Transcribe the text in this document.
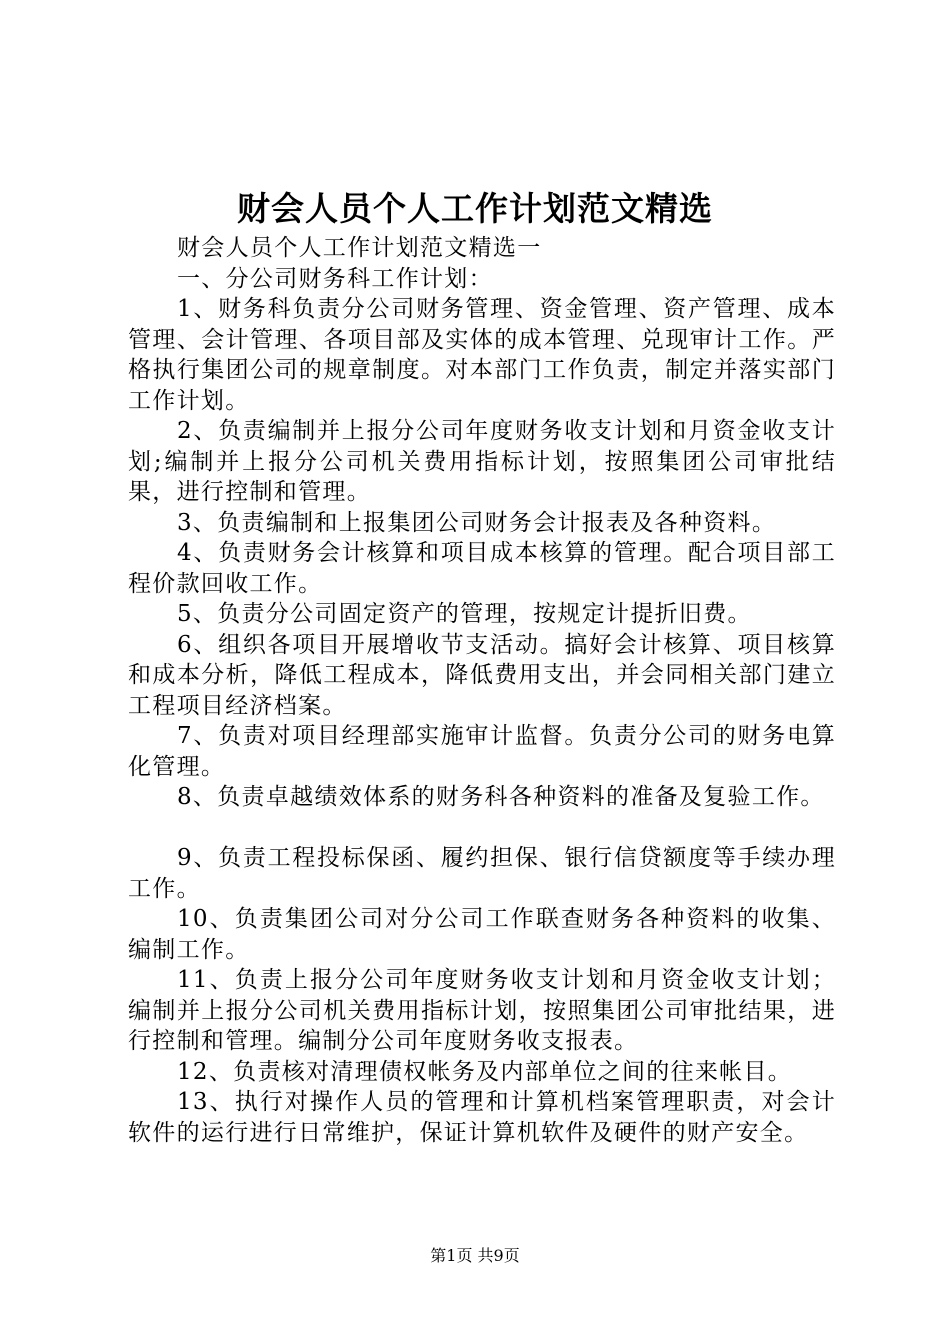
财会人员个人工作计划范文精选

财会人员个人工作计划范文精选一

一、分公司财务科工作计划：

1、财务科负责分公司财务管理、资金管理、资产管理、成本管理、会计管理、各项目部及实体的成本管理、兑现审计工作。严格执行集团公司的规章制度。对本部门工作负责，制定并落实部门工作计划。

2、负责编制并上报分公司年度财务收支计划和月资金收支计划;编制并上报分公司机关费用指标计划，按照集团公司审批结果，进行控制和管理。

3、负责编制和上报集团公司财务会计报表及各种资料。

4、负责财务会计核算和项目成本核算的管理。配合项目部工程价款回收工作。

5、负责分公司固定资产的管理，按规定计提折旧费。

6、组织各项目开展增收节支活动。搞好会计核算、项目核算和成本分析，降低工程成本，降低费用支出，并会同相关部门建立工程项目经济档案。

7、负责对项目经理部实施审计监督。负责分公司的财务电算化管理。

8、负责卓越绩效体系的财务科各种资料的准备及复验工作。

9、负责工程投标保函、履约担保、银行信贷额度等手续办理工作。

10、负责集团公司对分公司工作联查财务各种资料的收集、编制工作。

11、负责上报分公司年度财务收支计划和月资金收支计划；编制并上报分公司机关费用指标计划，按照集团公司审批结果，进行控制和管理。编制分公司年度财务收支报表。

12、负责核对清理债权帐务及内部单位之间的往来帐目。

13、执行对操作人员的管理和计算机档案管理职责，对会计软件的运行进行日常维护，保证计算机软件及硬件的财产安全。

第1页 共9页
